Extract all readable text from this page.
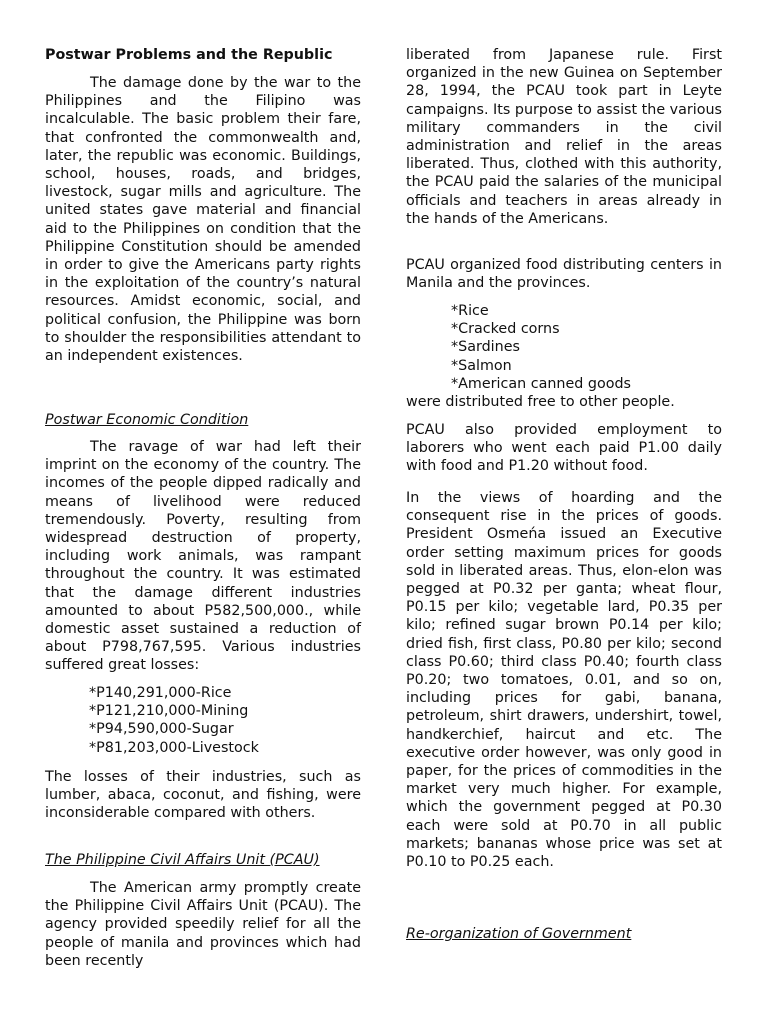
Postwar Problems and the Republic

The damage done by the war to the Philippines and the Filipino was incalculable. The basic problem their fare, that confronted the commonwealth and, later, the republic was economic. Buildings, school, houses, roads, and bridges, livestock, sugar mills and agriculture. The united states gave material and financial aid to the Philippines on condition that the Philippine Constitution should be amended in order to give the Americans party rights in the exploitation of the country’s natural resources. Amidst economic, social, and political confusion, the Philippine was born to shoulder the responsibilities attendant to an independent existences.

Postwar Economic Condition

The ravage of war had left their imprint on the economy of the country. The incomes of the people dipped radically and means of livelihood were reduced tremendously. Poverty, resulting from widespread destruction of property, including work animals, was rampant throughout the country. It was estimated that the damage different industries amounted to about P582,500,000., while domestic asset sustained a reduction of about P798,767,595. Various industries suffered great losses:

*P140,291,000-Rice
*P121,210,000-Mining
*P94,590,000-Sugar
*P81,203,000-Livestock

The losses of their industries, such as lumber, abaca, coconut, and fishing, were inconsiderable compared with others.

The Philippine Civil Affairs Unit (PCAU)

The American army promptly create the Philippine Civil Affairs Unit (PCAU). The agency provided speedily relief for all the people of manila and provinces which had been recently

liberated from Japanese rule. First organized in the new Guinea on September 28, 1994, the PCAU took part in Leyte campaigns. Its purpose to assist the various military commanders in the civil administration and relief in the areas liberated. Thus, clothed with this authority, the PCAU paid the salaries of the municipal officials and teachers in areas already in the hands of the Americans.

PCAU organized food distributing centers in Manila and the provinces.

*Rice
*Cracked corns
*Sardines
*Salmon
*American canned goods

were distributed free to other people.

PCAU also provided employment to laborers who went each paid P1.00 daily with food and P1.20 without food.

In the views of hoarding and the consequent rise in the prices of goods. President Osmeńa issued an Executive order setting maximum prices for goods sold in liberated areas. Thus, elon-elon was pegged at P0.32 per ganta; wheat flour, P0.15 per kilo; vegetable lard, P0.35 per kilo; refined sugar brown P0.14 per kilo; dried fish, first class, P0.80 per kilo; second class P0.60; third class P0.40; fourth class P0.20; two tomatoes, 0.01, and so on, including prices for gabi, banana, petroleum, shirt drawers, undershirt, towel, handkerchief, haircut and etc. The executive order however, was only good in paper, for the prices of commodities in the market very much higher. For example, which the government pegged at P0.30 each were sold at P0.70 in all public markets; bananas whose price was set at P0.10 to P0.25 each.

Re-organization of Government
